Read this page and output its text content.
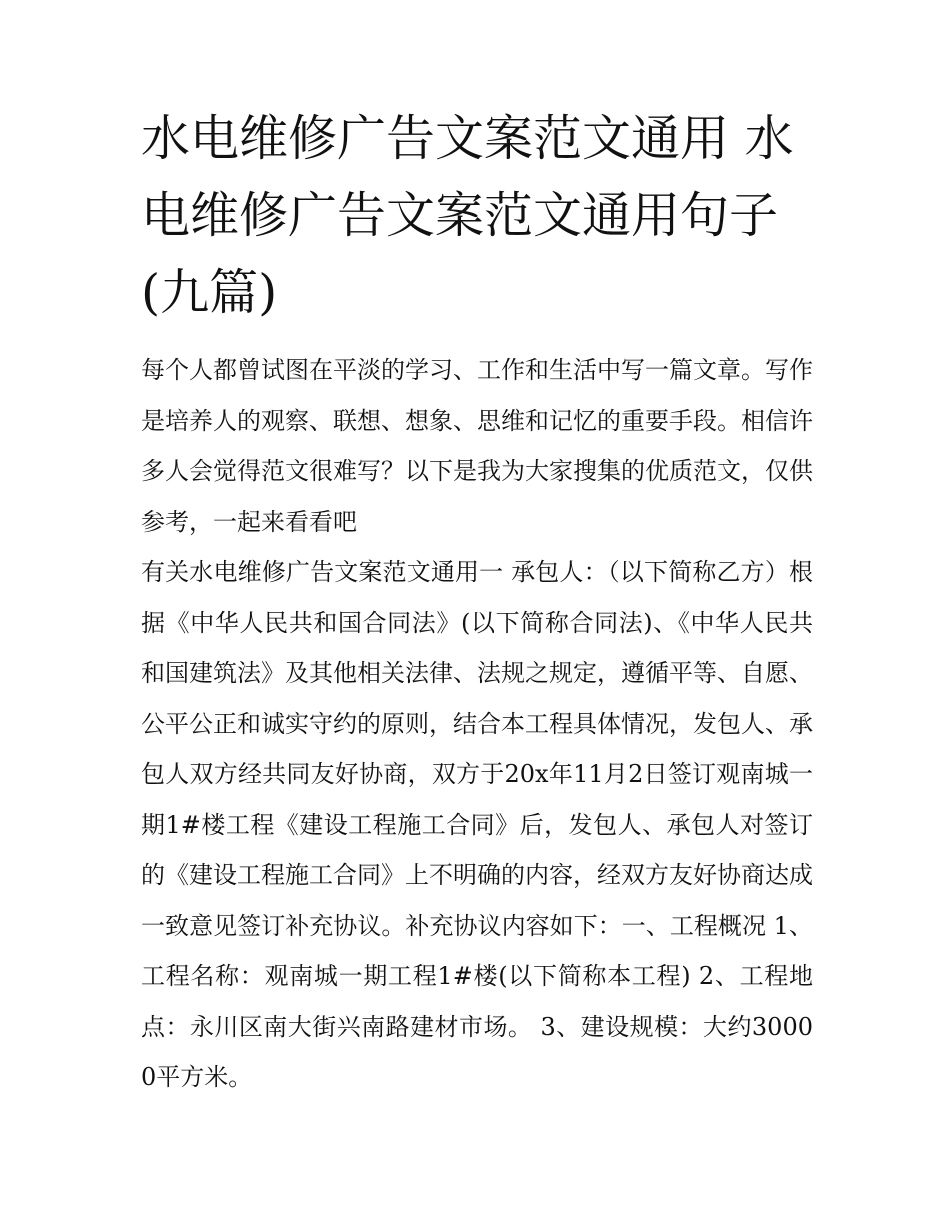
水电维修广告文案范文通用 水电维修广告文案范文通用句子(九篇)

每个人都曾试图在平淡的学习、工作和生活中写一篇文章。写作是培养人的观察、联想、想象、思维和记忆的重要手段。相信许多人会觉得范文很难写？以下是我为大家搜集的优质范文，仅供参考，一起来看看吧

有关水电维修广告文案范文通用一 承包人：（以下简称乙方）根据《中华人民共和国合同法》(以下简称合同法)、《中华人民共和国建筑法》及其他相关法律、法规之规定，遵循平等、自愿、公平公正和诚实守约的原则，结合本工程具体情况，发包人、承包人双方经共同友好协商，双方于20x年11月2日签订观南城一期1#楼工程《建设工程施工合同》后，发包人、承包人对签订的《建设工程施工合同》上不明确的内容，经双方友好协商达成一致意见签订补充协议。补充协议内容如下：一、工程概况 1、工程名称：观南城一期工程1#楼(以下简称本工程) 2、工程地点：永川区南大街兴南路建材市场。 3、建设规模：大约30000平方米。
